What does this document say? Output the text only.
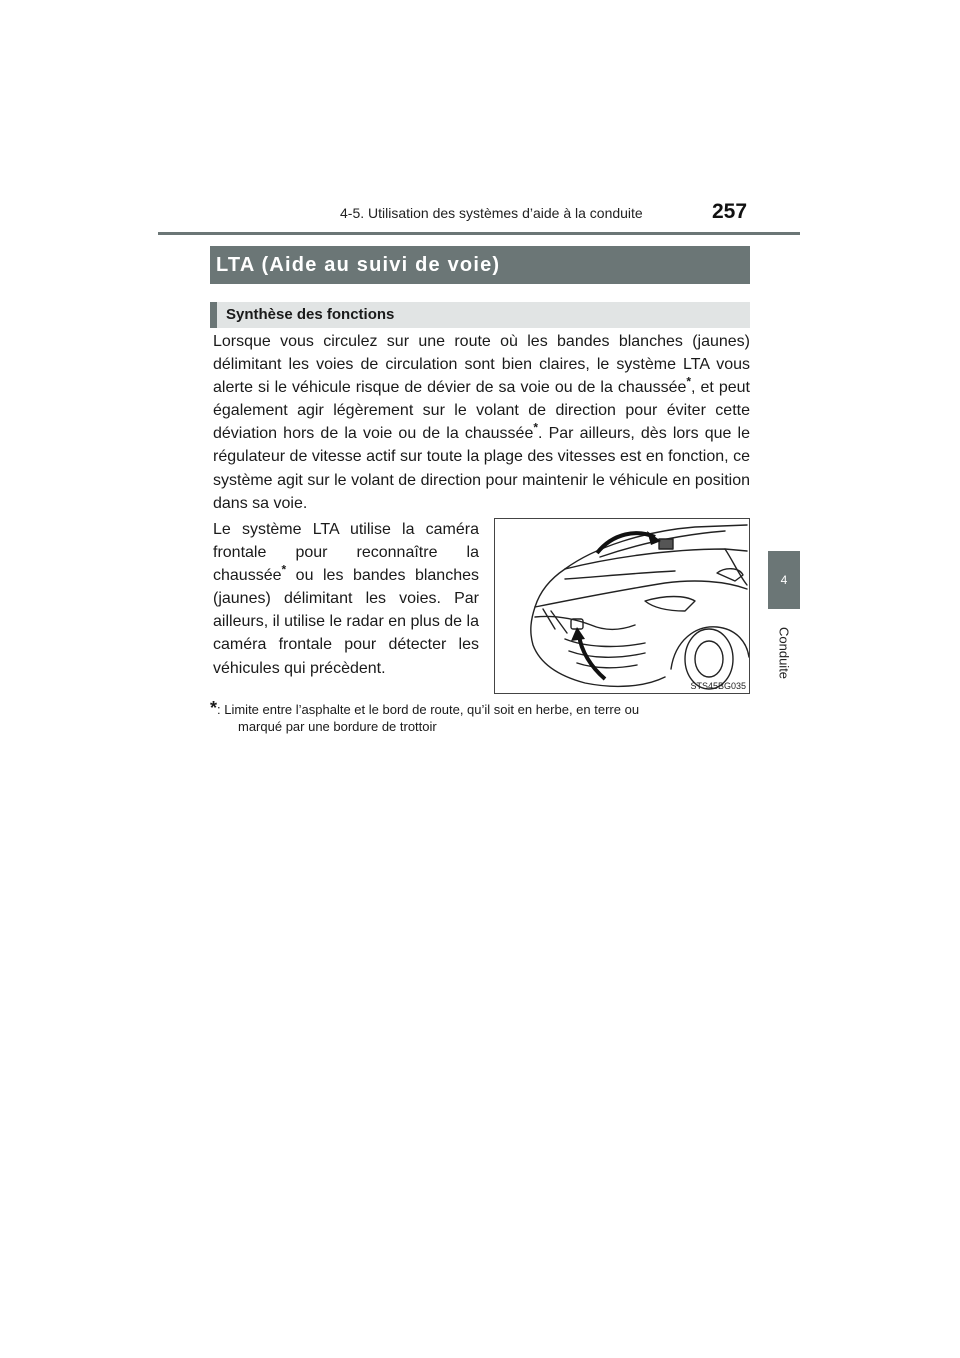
4-5. Utilisation des systèmes d’aide à la conduite	257
4
Conduite
LTA (Aide au suivi de voie)
Synthèse des fonctions
Lorsque vous circulez sur une route où les bandes blanches (jaunes) délimitant les voies de circulation sont bien claires, le système LTA vous alerte si le véhicule risque de dévier de sa voie ou de la chaussée*, et peut également agir légèrement sur le volant de direction pour éviter cette déviation hors de la voie ou de la chaussée*. Par ailleurs, dès lors que le régulateur de vitesse actif sur toute la plage des vitesses est en fonction, ce système agit sur le volant de direction pour maintenir le véhicule en position dans sa voie.
Le système LTA utilise la caméra frontale pour reconnaître la chaussée* ou les bandes blanches (jaunes) délimitant les voies. Par ailleurs, il utilise le radar en plus de la caméra frontale pour détecter les véhicules qui précèdent.
STS45BG035
*: Limite entre l’asphalte et le bord de route, qu’il soit en herbe, en terre ou
marqué par une bordure de trottoir
